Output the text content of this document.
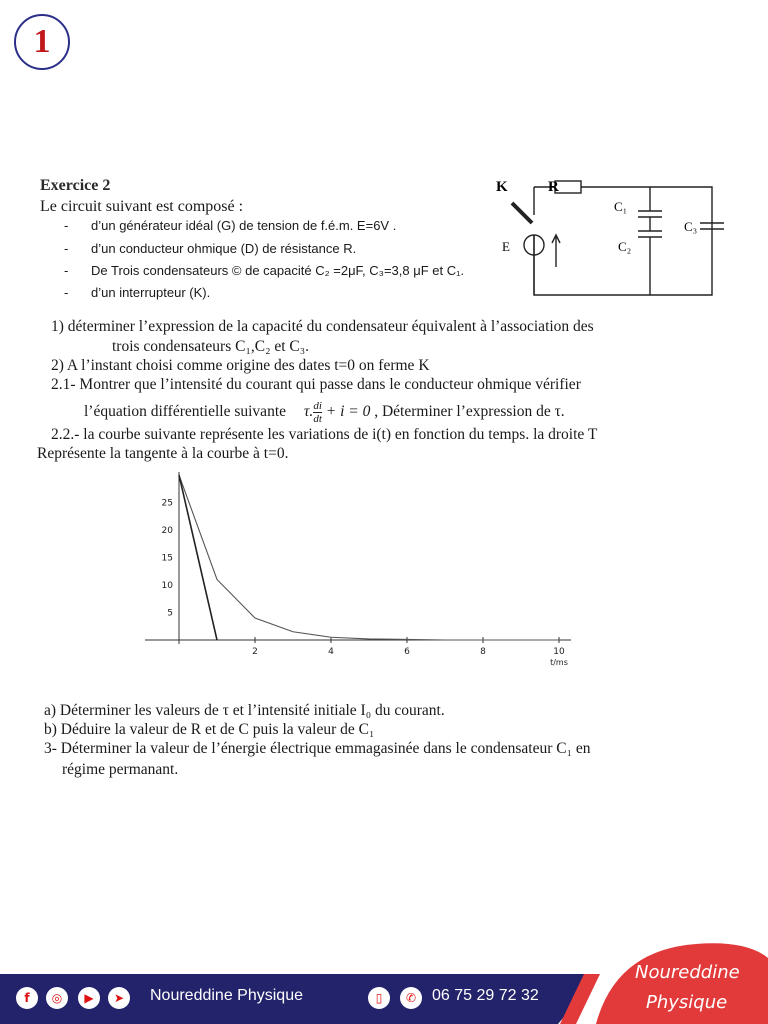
1
Exercice 2
Le circuit suivant est composé :
- d’un générateur idéal (G) de tension de f.é.m. E=6V .
- d’un conducteur ohmique (D) de résistance R.
- De Trois condensateurs © de capacité C₂ =2μF, C₃=3,8 μF et C₁.
- d’un interrupteur (K).
K	R
E
C₁
C₂
C₃
1) déterminer l’expression de la capacité du condensateur équivalent à l’association des
trois condensateurs C₁,C₂ et C₃.
2) A l’instant choisi comme origine des dates t=0 on ferme K
2.1- Montrer que l’intensité du courant qui passe dans le conducteur ohmique vérifier
l’équation différentielle suivante τ. $\frac{di}{dt} + i = 0$ , Déterminer l’expression de τ.
2.2.- la courbe suivante représente les variations de i(t) en fonction du temps. la droite T
Représente la tangente à la courbe à t=0.
2	4	6	8	10
5
10
15
20
25
t/ms
a) Déterminer les valeurs de τ et l’intensité initiale I₀ du courant.
b) Déduire la valeur de R et de C puis la valeur de C₁
3- Déterminer la valeur de l’énergie électrique emmagasinée dans le condensateur C₁ en
régime permanant.
f	◎	▶	➤	Noureddine Physique	▯	✆ 06 75 29 72 32
Noureddine
Physique
